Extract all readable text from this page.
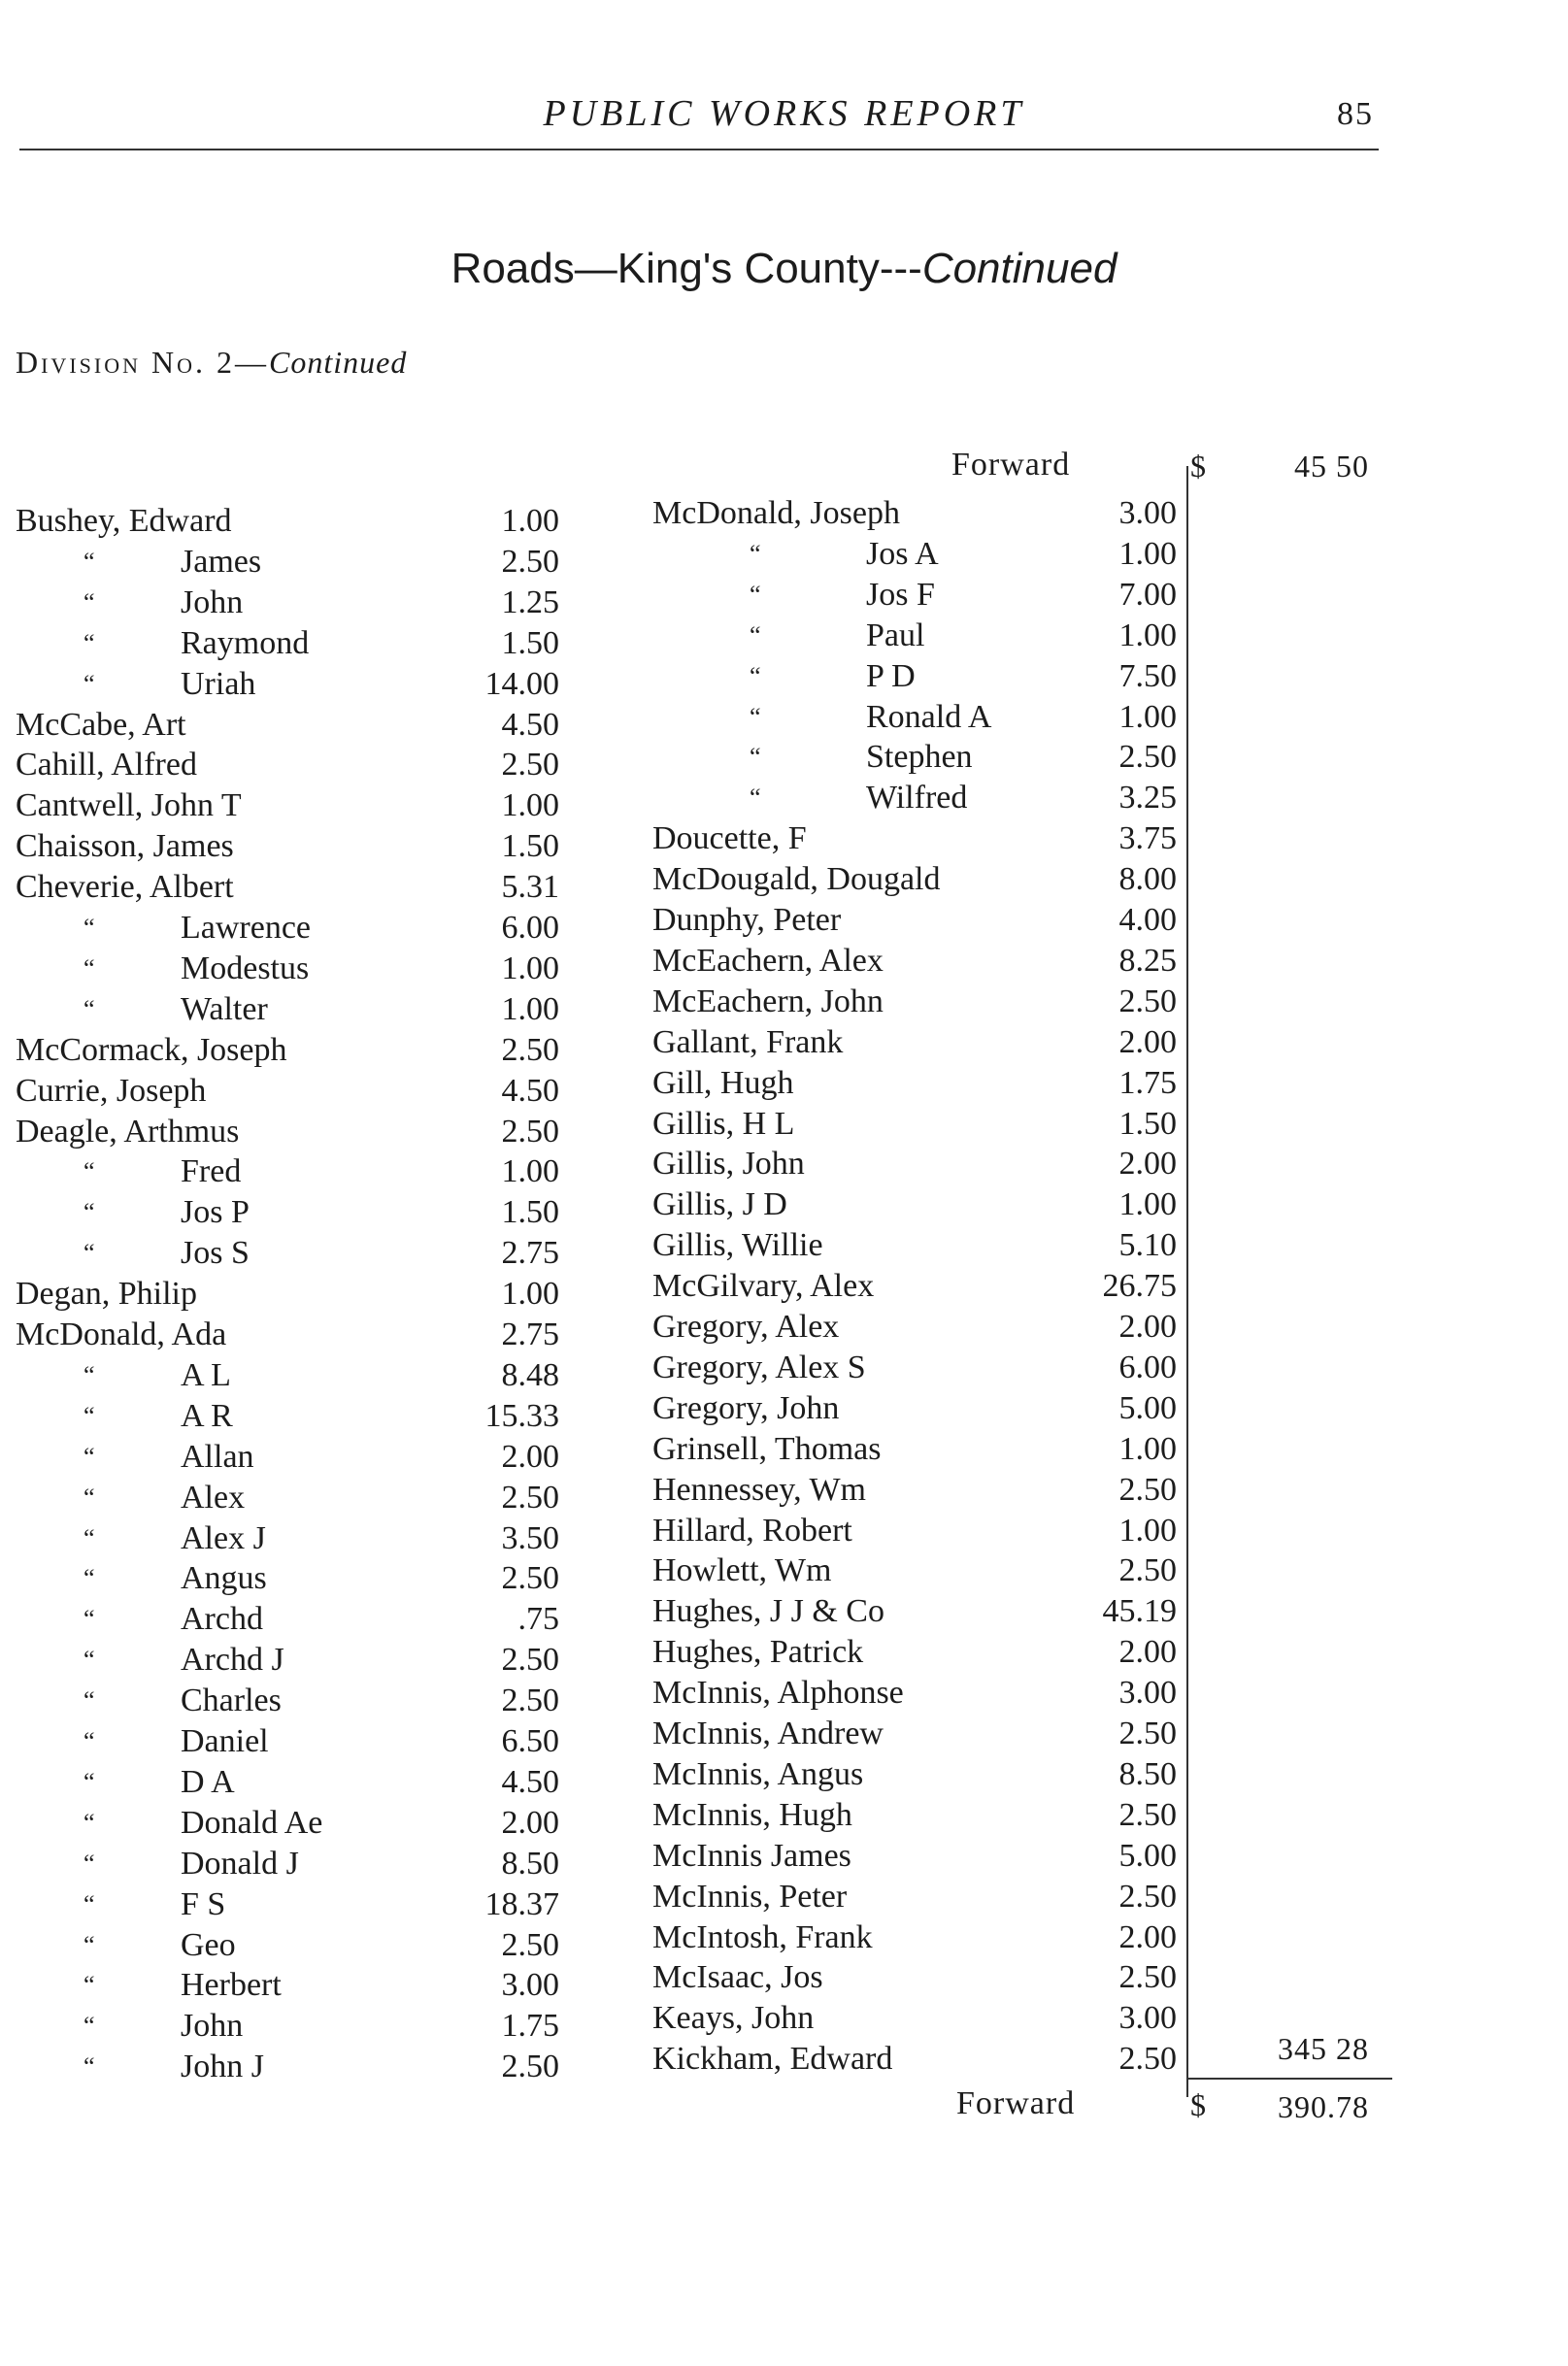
PUBLIC WORKS REPORT	85
Roads—King's County---Continued
Division No. 2—Continued
Forward	$	45 50
Bushey, Edward	1.00
“	James	2.50
“	John	1.25
“	Raymond	1.50
“	Uriah	14.00
McCabe, Art	4.50
Cahill, Alfred	2.50
Cantwell, John T	1.00
Chaisson, James	1.50
Cheverie, Albert	5.31
“	Lawrence	6.00
“	Modestus	1.00
“	Walter	1.00
McCormack, Joseph	2.50
Currie, Joseph	4.50
Deagle, Arthmus	2.50
“	Fred	1.00
“	Jos P	1.50
“	Jos S	2.75
Degan, Philip	1.00
McDonald, Ada	2.75
“	A L	8.48
“	A R	15.33
“	Allan	2.00
“	Alex	2.50
“	Alex J	3.50
“	Angus	2.50
“	Archd	.75
“	Archd J	2.50
“	Charles	2.50
“	Daniel	6.50
“	D A	4.50
“	Donald Ae	2.00
“	Donald J	8.50
“	F S	18.37
“	Geo	2.50
“	Herbert	3.00
“	John	1.75
“	John J	2.50
McDonald, Joseph	3.00
“	Jos A	1.00
“	Jos F	7.00
“	Paul	1.00
“	P D	7.50
“	Ronald A	1.00
“	Stephen	2.50
“	Wilfred	3.25
Doucette, F	3.75
McDougald, Dougald	8.00
Dunphy, Peter	4.00
McEachern, Alex	8.25
McEachern, John	2.50
Gallant, Frank	2.00
Gill, Hugh	1.75
Gillis, H L	1.50
Gillis, John	2.00
Gillis, J D	1.00
Gillis, Willie	5.10
McGilvary, Alex	26.75
Gregory, Alex	2.00
Gregory, Alex S	6.00
Gregory, John	5.00
Grinsell, Thomas	1.00
Hennessey, Wm	2.50
Hillard, Robert	1.00
Howlett, Wm	2.50
Hughes, J J & Co	45.19
Hughes, Patrick	2.00
McInnis, Alphonse	3.00
McInnis, Andrew	2.50
McInnis, Angus	8.50
McInnis, Hugh	2.50
McInnis James	5.00
McInnis, Peter	2.50
McIntosh, Frank	2.00
McIsaac, Jos	2.50
Keays, John	3.00
Kickham, Edward	2.50	345 28
Forward	$	390.78
